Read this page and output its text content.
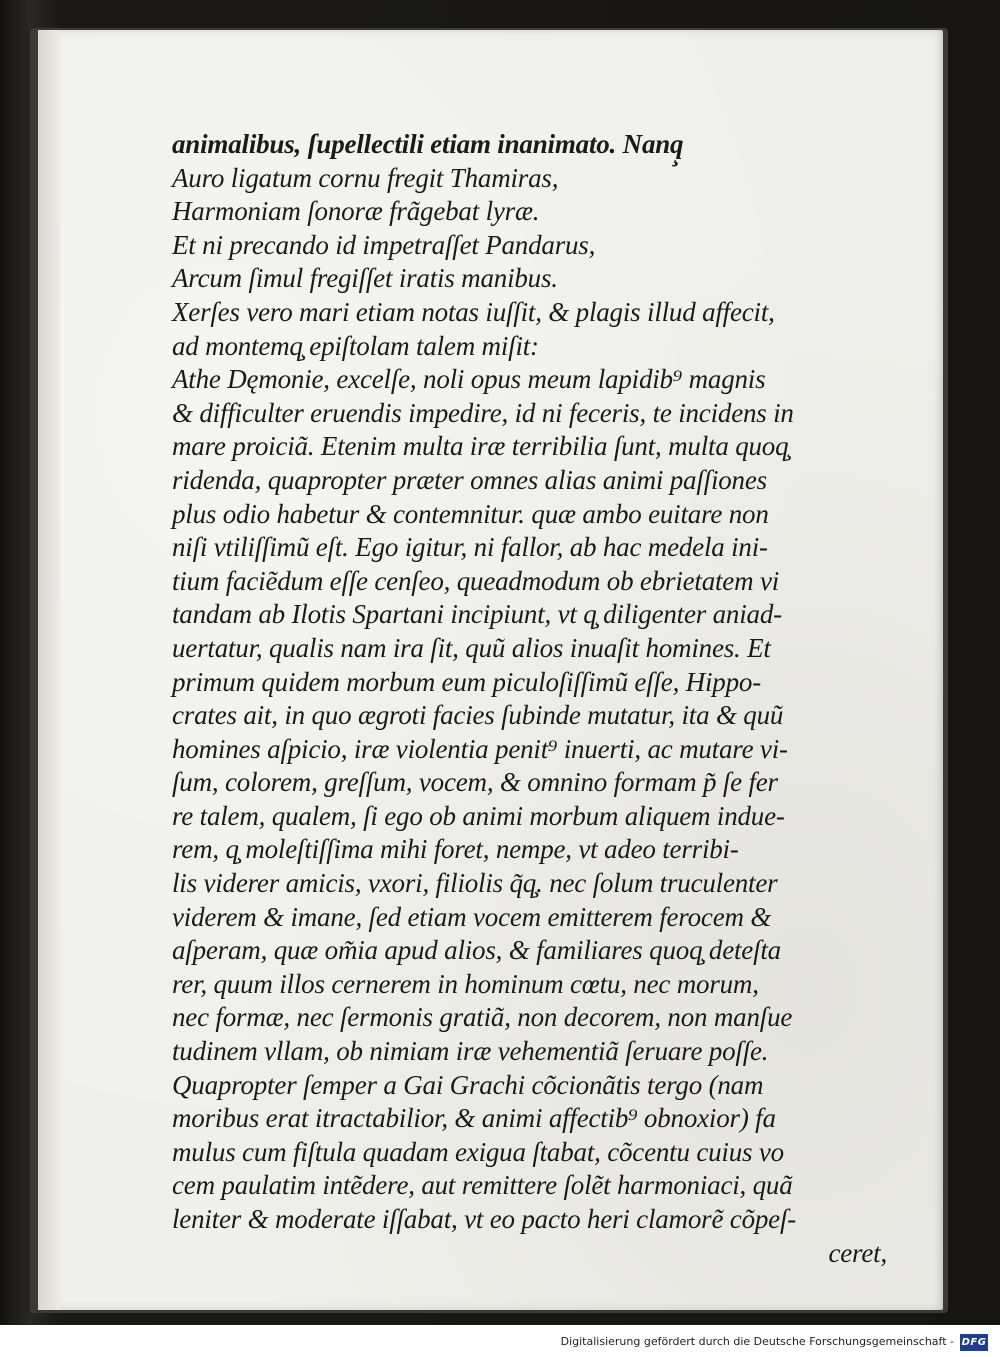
animalibus, ſupellectili etiam inanimato. Nanq̧
Auro ligatum cornu fregit Thamiras,
Harmoniam ſonoræ frãgebat lyræ.
Et ni precando id impetraſſet Pandarus,
Arcum ſimul fregiſſet iratis manibus.
Xerſes vero mari etiam notas iuſſit, & plagis illud affecit,
ad montemq̧ epiſtolam talem miſit:
Athe Dęmonie, excelſe, noli opus meum lapidib⁹ magnis
& difficulter eruendis impedire, id ni feceris, te incidens in
mare proiciã. Etenim multa iræ terribilia ſunt, multa quoq̧
ridenda, quapropter præter omnes alias animi paſſiones
plus odio habetur & contemnitur. quæ ambo euitare non
niſi vtiliſſimũ eſt. Ego igitur, ni fallor, ab hac medela ini-
tium faciẽdum eſſe cenſeo, queadmodum ob ebrietatem vi
tandam ab Ilotis Spartani incipiunt, vt q̧ diligenter aniad-
uertatur, qualis nam ira ſit, quũ alios inuaſit homines. Et
primum quidem morbum eum piculoſiſſimũ eſſe, Hippo-
crates ait, in quo ægroti facies ſubinde mutatur, ita & quũ
homines aſpicio, iræ violentia penit⁹ inuerti, ac mutare vi-
ſum, colorem, greſſum, vocem, & omnino formam p̃ ſe fer
re talem, qualem, ſi ego ob animi morbum aliquem indue-
rem, q̧ moleſtiſſima mihi foret, nempe, vt adeo terribi-
lis viderer amicis, vxori, filiolis q̃q̧. nec ſolum truculenter
viderem & imane, ſed etiam vocem emitterem ferocem &
aſperam, quæ om̃ia apud alios, & familiares quoq̧ deteſta
rer, quum illos cernerem in hominum cœtu, nec morum,
nec formæ, nec ſermonis gratiã, non decorem, non manſue
tudinem vllam, ob nimiam iræ vehementiã ſeruare poſſe.
Quapropter ſemper a Gai Grachi cõcionãtis tergo (nam
moribus erat itractabilior, & animi affectib⁹ obnoxior) fa
mulus cum fiſtula quadam exigua ſtabat, cõcentu cuius vo
cem paulatim intẽdere, aut remittere ſolẽt harmoniaci, quã
leniter & moderate iſſabat, vt eo pacto heri clamorẽ cõpeſ-
ceret,
Digitalisierung gefördert durch die Deutsche Forschungsgemeinschaft - DFG
